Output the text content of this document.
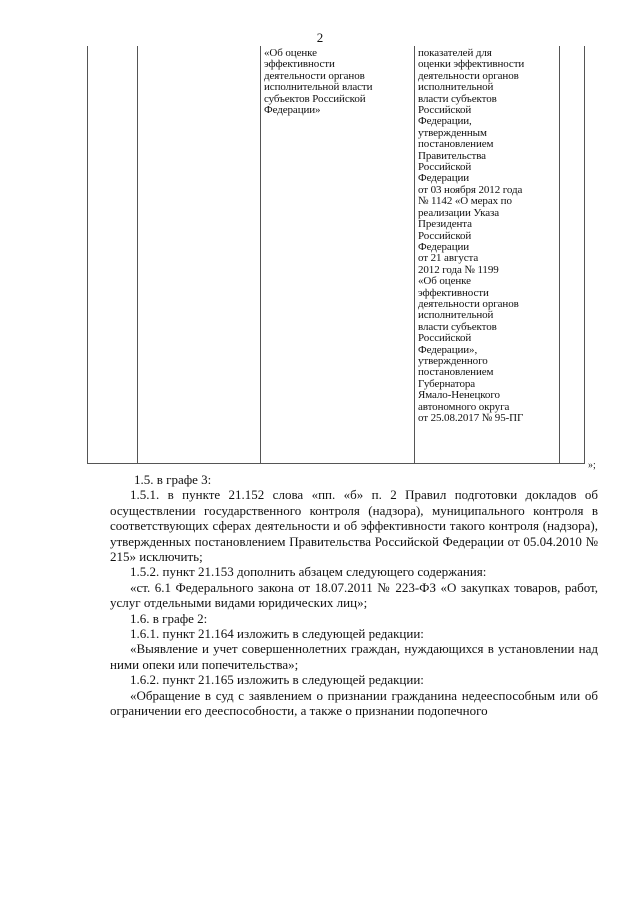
2
«Об оценке
эффективности
деятельности органов
исполнительной власти
субъектов Российской
Федерации»
показателей для
оценки эффективности
деятельности органов
исполнительной
власти субъектов
Российской
Федерации,
утвержденным
постановлением
Правительства
Российской
Федерации
от 03 ноября 2012 года
№ 1142 «О мерах по
реализации Указа
Президента
Российской
Федерации
от 21 августа
2012 года № 1199
«Об оценке
эффективности
деятельности органов
исполнительной
власти субъектов
Российской
Федерации»,
утвержденного
постановлением
Губернатора
Ямало-Ненецкого
автономного округа
от 25.08.2017 № 95-ПГ
»;

1.5. в графе 3:

1.5.1. в пункте 21.152 слова «пп. «б» п. 2 Правил подготовки докладов об осуществлении государственного контроля (надзора), муниципального контроля в соответствующих сферах деятельности и об эффективности такого контроля (надзора), утвержденных постановлением Правительства Российской Федерации от 05.04.2010 № 215» исключить;

1.5.2. пункт 21.153 дополнить абзацем следующего содержания:

«ст. 6.1 Федерального закона от 18.07.2011 № 223-ФЗ «О закупках товаров, работ, услуг отдельными видами юридических лиц»;

1.6. в графе 2:

1.6.1. пункт 21.164 изложить в следующей редакции:

«Выявление и учет совершеннолетних граждан, нуждающихся в установлении над ними опеки или попечительства»;

1.6.2. пункт 21.165 изложить в следующей редакции:

«Обращение в суд с заявлением о признании гражданина недееспособным или об ограничении его дееспособности, а также о признании подопечного
